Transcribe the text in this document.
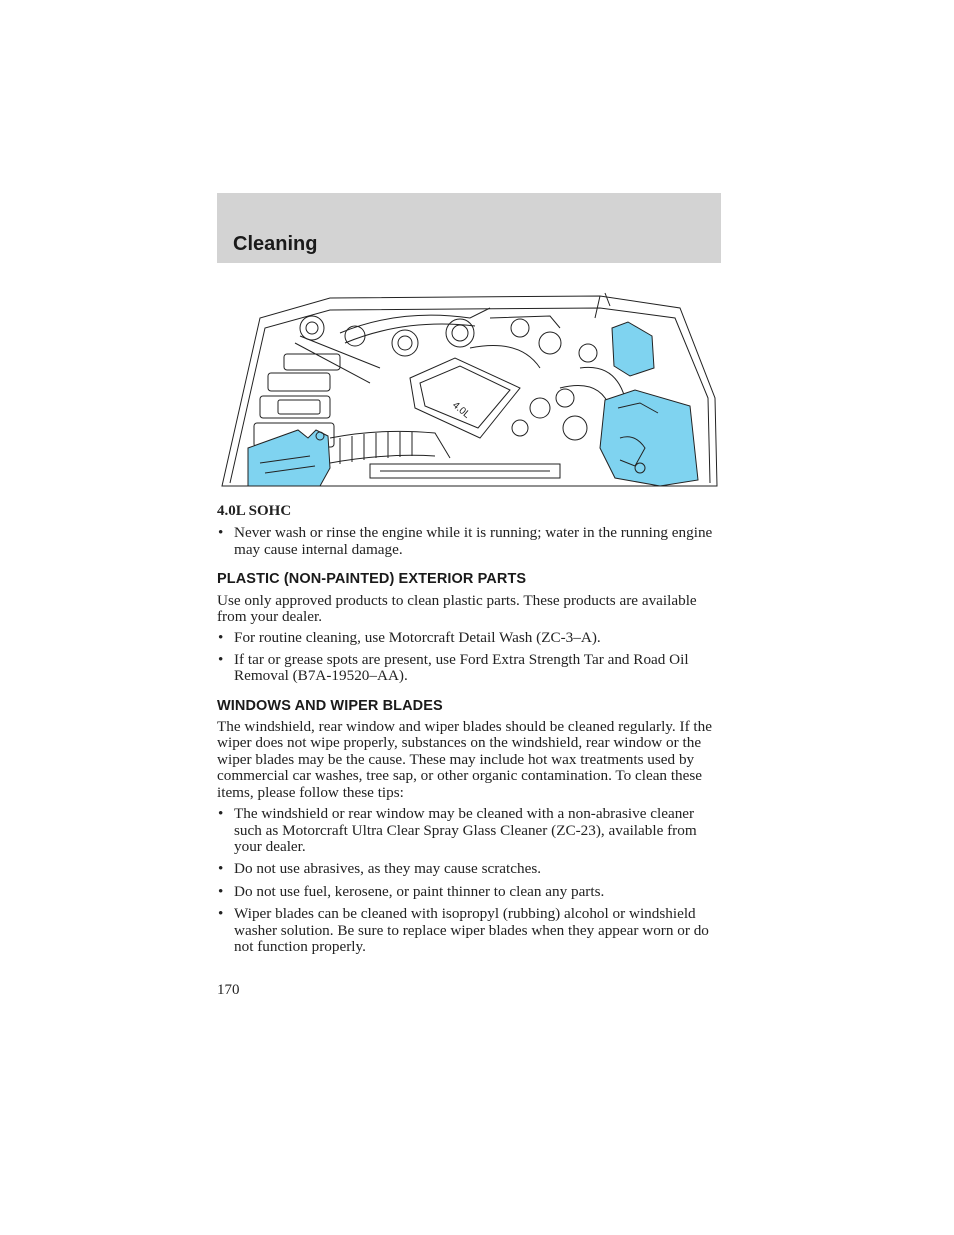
Cleaning
4.0L

4.0L SOHC

• Never wash or rinse the engine while it is running; water in the running engine may cause internal damage.
PLASTIC (NON-PAINTED) EXTERIOR PARTS

Use only approved products to clean plastic parts. These products are available from your dealer.

• For routine cleaning, use Motorcraft Detail Wash (ZC-3–A).
• If tar or grease spots are present, use Ford Extra Strength Tar and Road Oil Removal (B7A-19520–AA).
WINDOWS AND WIPER BLADES

The windshield, rear window and wiper blades should be cleaned regularly. If the wiper does not wipe properly, substances on the windshield, rear window or the wiper blades may be the cause. These may include hot wax treatments used by commercial car washes, tree sap, or other organic contamination. To clean these items, please follow these tips:

• The windshield or rear window may be cleaned with a non-abrasive cleaner such as Motorcraft Ultra Clear Spray Glass Cleaner (ZC-23), available from your dealer.
• Do not use abrasives, as they may cause scratches.
• Do not use fuel, kerosene, or paint thinner to clean any parts.
• Wiper blades can be cleaned with isopropyl (rubbing) alcohol or windshield washer solution. Be sure to replace wiper blades when they appear worn or do not function properly.
170
